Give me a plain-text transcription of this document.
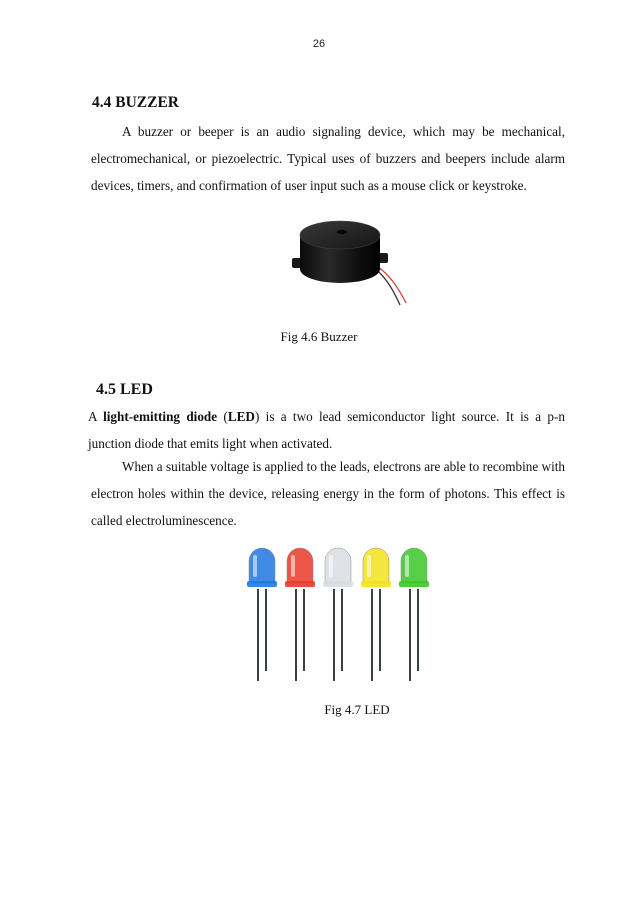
26
4.4 BUZZER

A buzzer or beeper is an audio signaling device, which may be mechanical, electromechanical, or piezoelectric. Typical uses of buzzers and beepers include alarm devices, timers, and confirmation of user input such as a mouse click or keystroke.

Fig 4.6 Buzzer
4.5 LED

A light-emitting diode (LED) is a two lead semiconductor light source. It is a p-n junction diode that emits light when activated.

When a suitable voltage is applied to the leads, electrons are able to recombine with electron holes within the device, releasing energy in the form of photons. This effect is called electroluminescence.

Fig 4.7 LED
